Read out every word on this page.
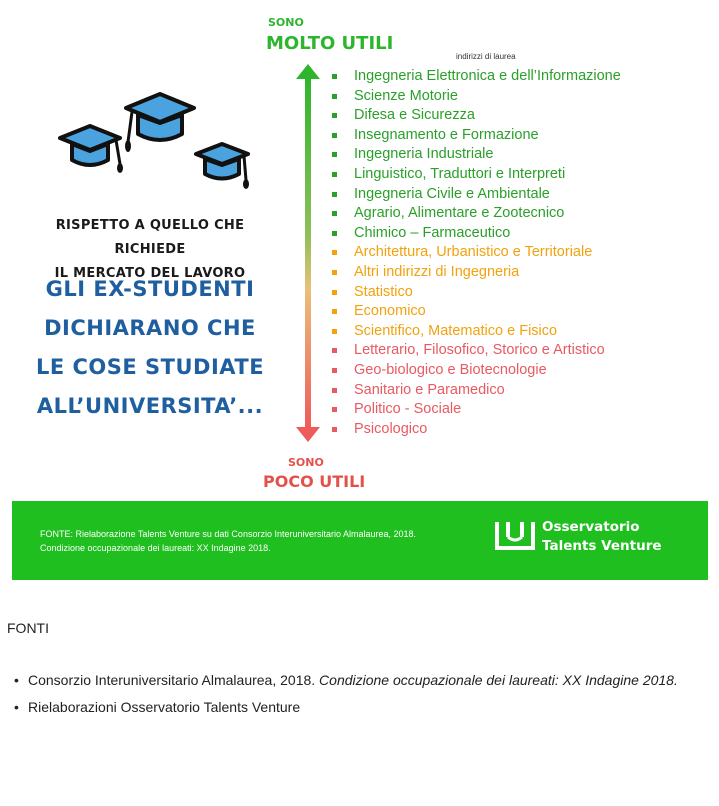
RISPETTO A QUELLO CHE RICHIEDE
IL MERCATO DEL LAVORO
GLI EX-STUDENTI
DICHIARANO CHE
LE COSE STUDIATE
ALL’UNIVERSITA’...
SONO
MOLTO UTILI
SONO
POCO UTILI
indirizzi di laurea
Ingegneria Elettronica e dell’Informazione
Scienze Motorie
Difesa e Sicurezza
Insegnamento e Formazione
Ingegneria Industriale
Linguistico, Traduttori e Interpreti
Ingegneria Civile e Ambientale
Agrario, Alimentare e Zootecnico
Chimico – Farmaceutico
Architettura, Urbanistico e Territoriale
Altri indirizzi di Ingegneria
Statistico
Economico
Scientifico, Matematico e Fisico
Letterario, Filosofico, Storico e Artistico
Geo-biologico e Biotecnologie
Sanitario e Paramedico
Politico - Sociale
Psicologico
FONTE: Rielaborazione Talents Venture su dati Consorzio Interuniversitario Almalaurea, 2018.
Condizione occupazionale dei laureati: XX Indagine 2018.
Osservatorio
Talents Venture
FONTI
• Consorzio Interuniversitario Almalaurea, 2018. Condizione occupazionale dei laureati: XX Indagine 2018.
• Rielaborazioni Osservatorio Talents Venture
